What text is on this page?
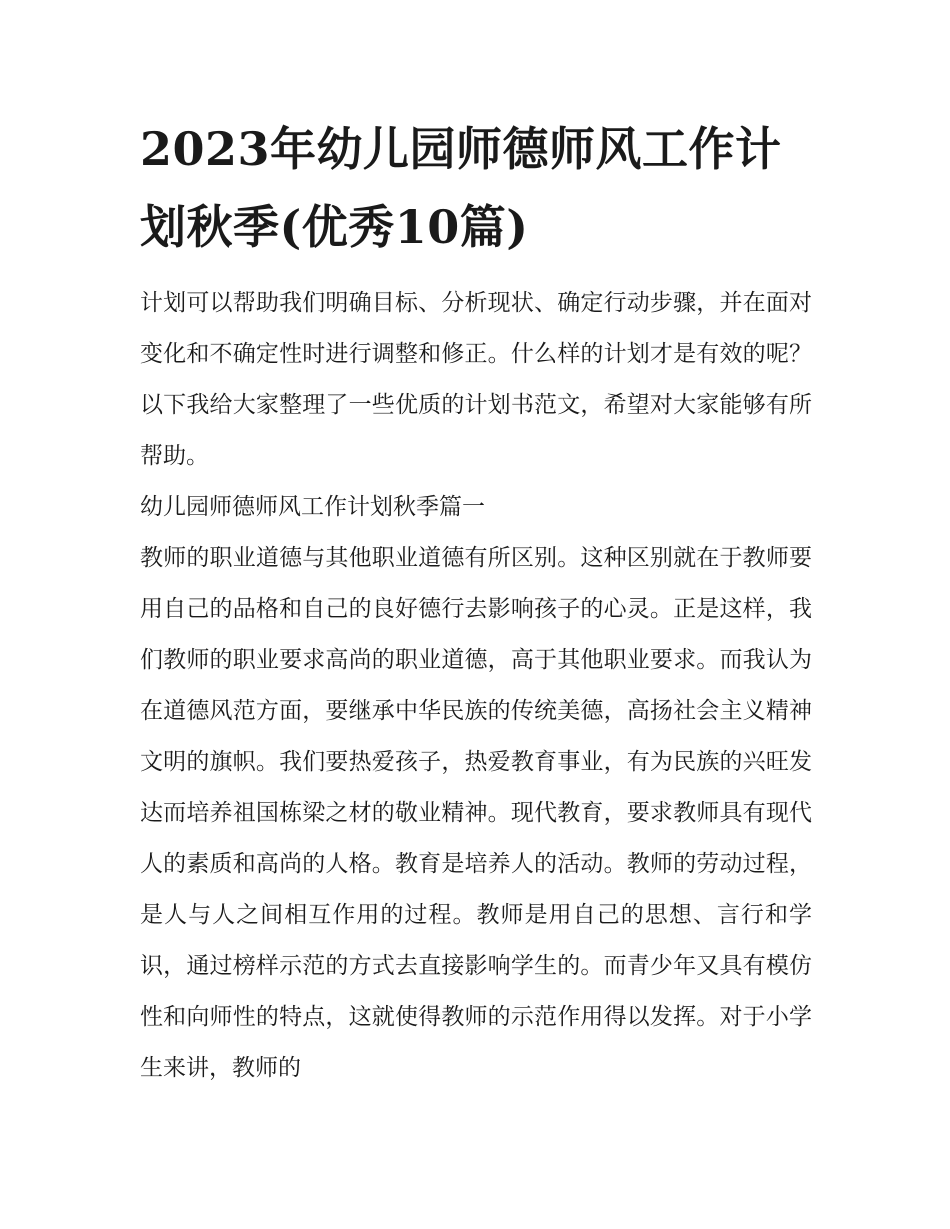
2023年幼儿园师德师风工作计划秋季(优秀10篇)

计划可以帮助我们明确目标、分析现状、确定行动步骤，并在面对变化和不确定性时进行调整和修正。什么样的计划才是有效的呢？以下我给大家整理了一些优质的计划书范文，希望对大家能够有所帮助。

幼儿园师德师风工作计划秋季篇一

教师的职业道德与其他职业道德有所区别。这种区别就在于教师要用自己的品格和自己的良好德行去影响孩子的心灵。正是这样，我们教师的职业要求高尚的职业道德，高于其他职业要求。而我认为在道德风范方面，要继承中华民族的传统美德，高扬社会主义精神文明的旗帜。我们要热爱孩子，热爱教育事业，有为民族的兴旺发达而培养祖国栋梁之材的敬业精神。现代教育，要求教师具有现代人的素质和高尚的人格。教育是培养人的活动。教师的劳动过程，是人与人之间相互作用的过程。教师是用自己的思想、言行和学识，通过榜样示范的方式去直接影响学生的。而青少年又具有模仿性和向师性的特点，这就使得教师的示范作用得以发挥。对于小学生来讲，教师的
